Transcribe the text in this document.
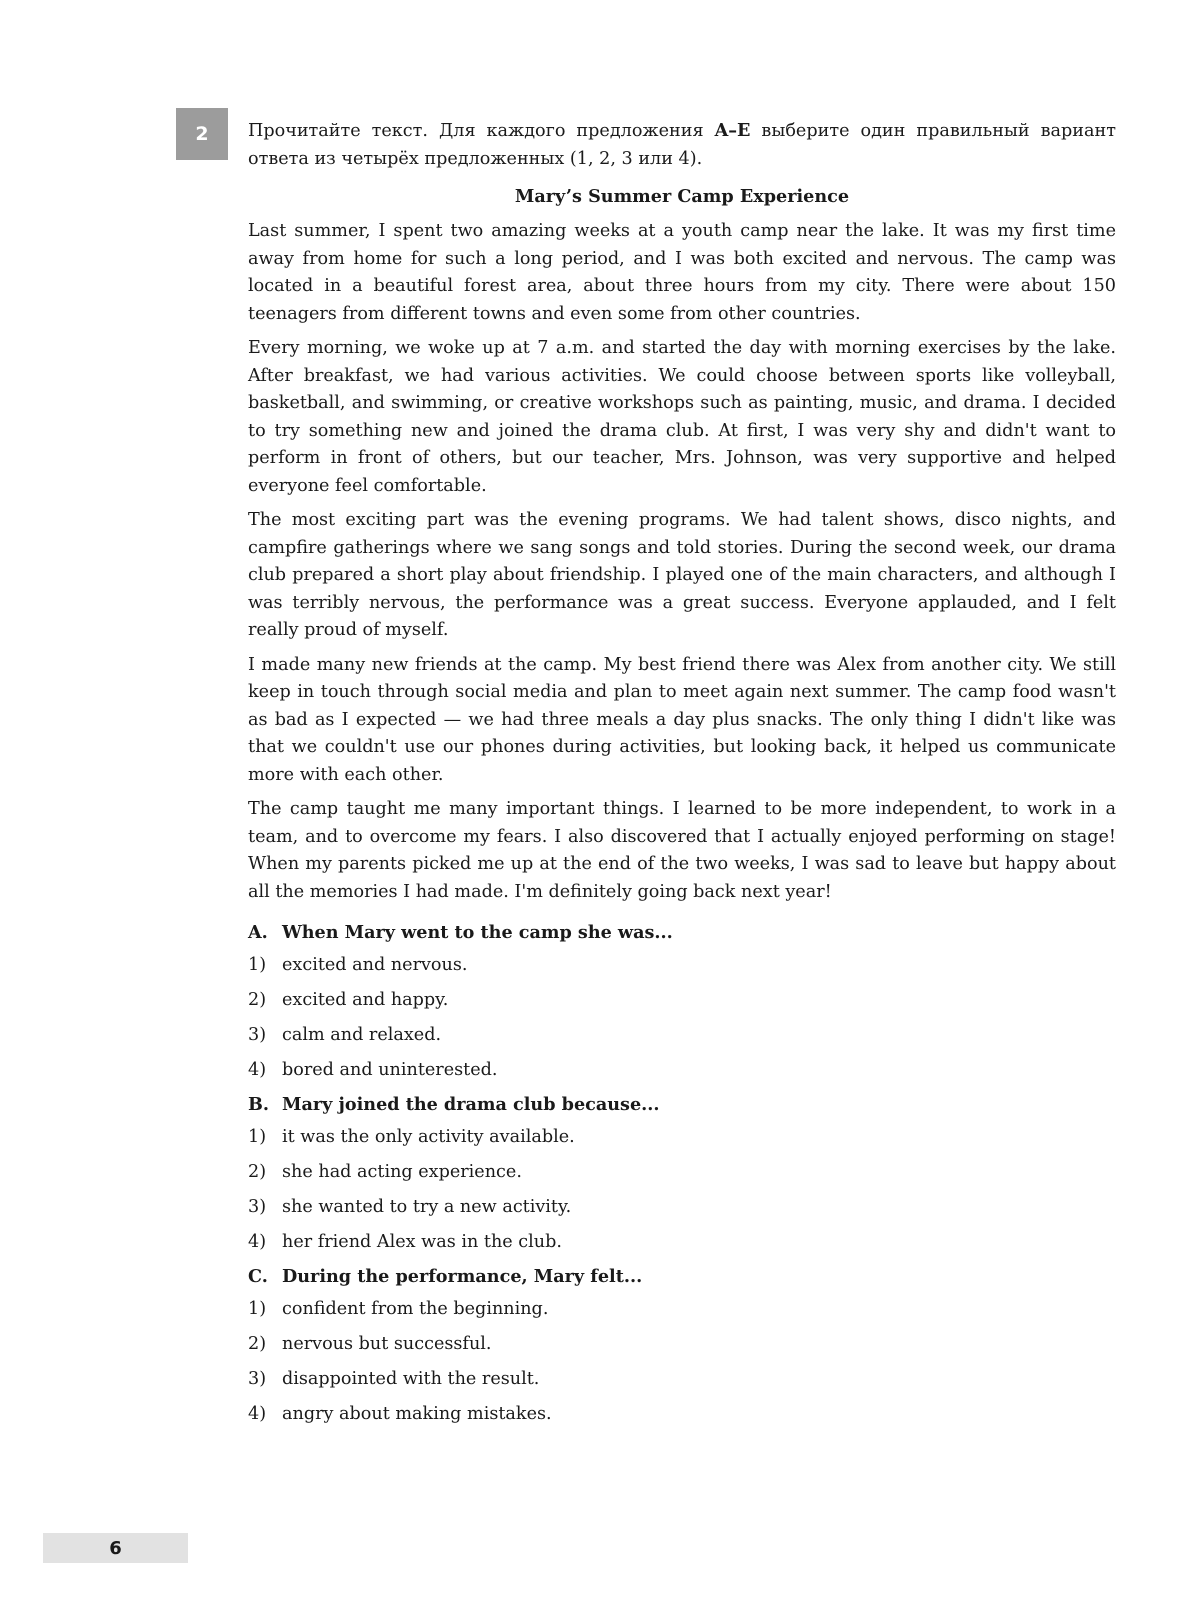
2 Прочитайте текст. Для каждого предложения A–E выберите один правильный вариант ответа из четырёх предложенных (1, 2, 3 или 4).

Mary’s Summer Camp Experience

Last summer, I spent two amazing weeks at a youth camp near the lake. It was my first time away from home for such a long period, and I was both excited and nervous. The camp was located in a beautiful forest area, about three hours from my city. There were about 150 teenagers from different towns and even some from other countries.

Every morning, we woke up at 7 a.m. and started the day with morning exercises by the lake. After breakfast, we had various activities. We could choose between sports like volleyball, basketball, and swimming, or creative workshops such as painting, music, and drama. I decided to try something new and joined the drama club. At first, I was very shy and didn't want to perform in front of others, but our teacher, Mrs. Johnson, was very supportive and helped everyone feel comfortable.

The most exciting part was the evening programs. We had talent shows, disco nights, and campfire gatherings where we sang songs and told stories. During the second week, our drama club prepared a short play about friendship. I played one of the main characters, and although I was terribly nervous, the performance was a great success. Everyone applauded, and I felt really proud of myself.

I made many new friends at the camp. My best friend there was Alex from another city. We still keep in touch through social media and plan to meet again next summer. The camp food wasn't as bad as I expected — we had three meals a day plus snacks. The only thing I didn't like was that we couldn't use our phones during activities, but looking back, it helped us communicate more with each other.

The camp taught me many important things. I learned to be more independent, to work in a team, and to overcome my fears. I also discovered that I actually enjoyed performing on stage! When my parents picked me up at the end of the two weeks, I was sad to leave but happy about all the memories I had made. I'm definitely going back next year!

A. When Mary went to the camp she was...
1) excited and nervous.
2) excited and happy.
3) calm and relaxed.
4) bored and uninterested.
B. Mary joined the drama club because...
1) it was the only activity available.
2) she had acting experience.
3) she wanted to try a new activity.
4) her friend Alex was in the club.
C. During the performance, Mary felt...
1) confident from the beginning.
2) nervous but successful.
3) disappointed with the result.
4) angry about making mistakes.
6
